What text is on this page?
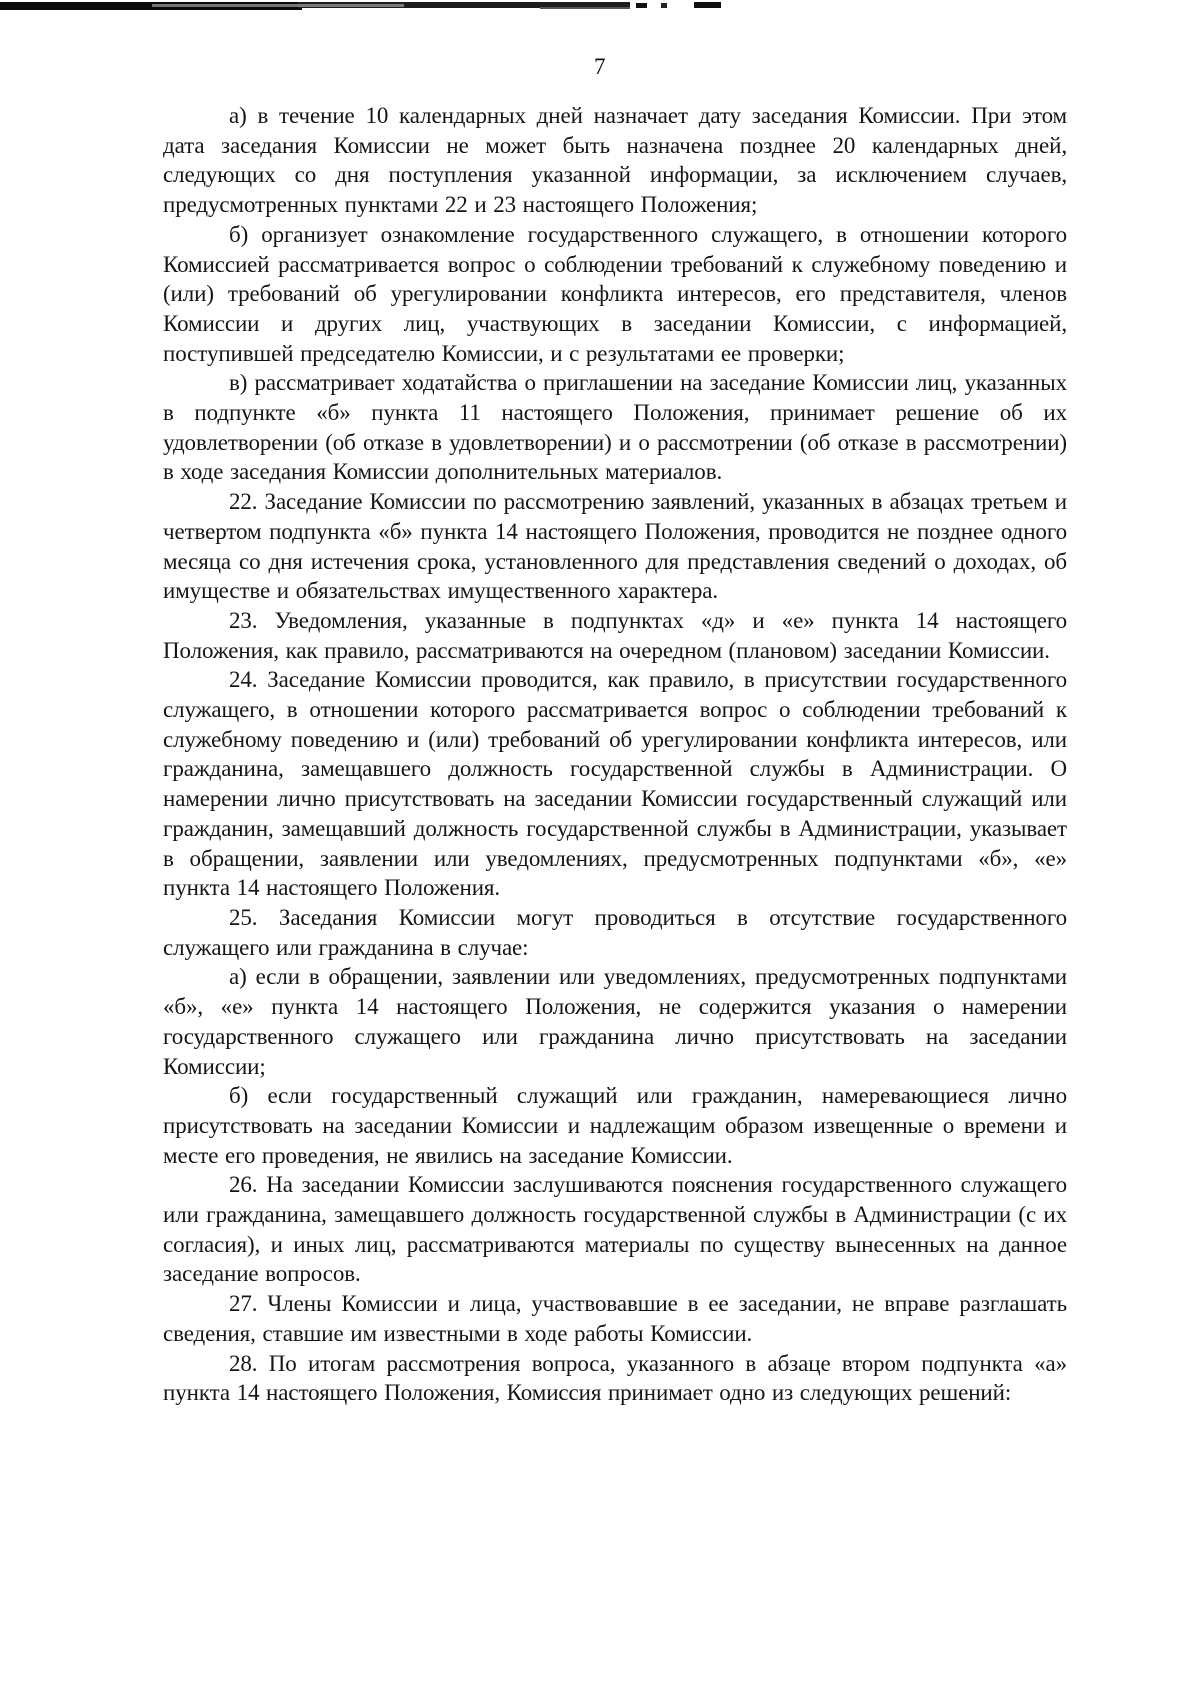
7

а) в течение 10 календарных дней назначает дату заседания Комиссии. При этом дата заседания Комиссии не может быть назначена позднее 20 календарных дней, следующих со дня поступления указанной информации, за исключением случаев, предусмотренных пунктами 22 и 23 настоящего Положения;

б) организует ознакомление государственного служащего, в отношении которого Комиссией рассматривается вопрос о соблюдении требований к служебному поведению и (или) требований об урегулировании конфликта интересов, его представителя, членов Комиссии и других лиц, участвующих в заседании Комиссии, с информацией, поступившей председателю Комиссии, и с результатами ее проверки;

в) рассматривает ходатайства о приглашении на заседание Комиссии лиц, указанных в подпункте «б» пункта 11 настоящего Положения, принимает решение об их удовлетворении (об отказе в удовлетворении) и о рассмотрении (об отказе в рассмотрении) в ходе заседания Комиссии дополнительных материалов.

22. Заседание Комиссии по рассмотрению заявлений, указанных в абзацах третьем и четвертом подпункта «б» пункта 14 настоящего Положения, проводится не позднее одного месяца со дня истечения срока, установленного для представления сведений о доходах, об имуществе и обязательствах имущественного характера.

23. Уведомления, указанные в подпунктах «д» и «е» пункта 14 настоящего Положения, как правило, рассматриваются на очередном (плановом) заседании Комиссии.

24. Заседание Комиссии проводится, как правило, в присутствии государственного служащего, в отношении которого рассматривается вопрос о соблюдении требований к служебному поведению и (или) требований об урегулировании конфликта интересов, или гражданина, замещавшего должность государственной службы в Администрации. О намерении лично присутствовать на заседании Комиссии государственный служащий или гражданин, замещавший должность государственной службы в Администрации, указывает в обращении, заявлении или уведомлениях, предусмотренных подпунктами «б», «е» пункта 14 настоящего Положения.

25. Заседания Комиссии могут проводиться в отсутствие государственного служащего или гражданина в случае:

а) если в обращении, заявлении или уведомлениях, предусмотренных подпунктами «б», «е» пункта 14 настоящего Положения, не содержится указания о намерении государственного служащего или гражданина лично присутствовать на заседании Комиссии;

б) если государственный служащий или гражданин, намеревающиеся лично присутствовать на заседании Комиссии и надлежащим образом извещенные о времени и месте его проведения, не явились на заседание Комиссии.

26. На заседании Комиссии заслушиваются пояснения государственного служащего или гражданина, замещавшего должность государственной службы в Администрации (с их согласия), и иных лиц, рассматриваются материалы по существу вынесенных на данное заседание вопросов.

27. Члены Комиссии и лица, участвовавшие в ее заседании, не вправе разглашать сведения, ставшие им известными в ходе работы Комиссии.

28. По итогам рассмотрения вопроса, указанного в абзаце втором подпункта «а» пункта 14 настоящего Положения, Комиссия принимает одно из следующих решений:
